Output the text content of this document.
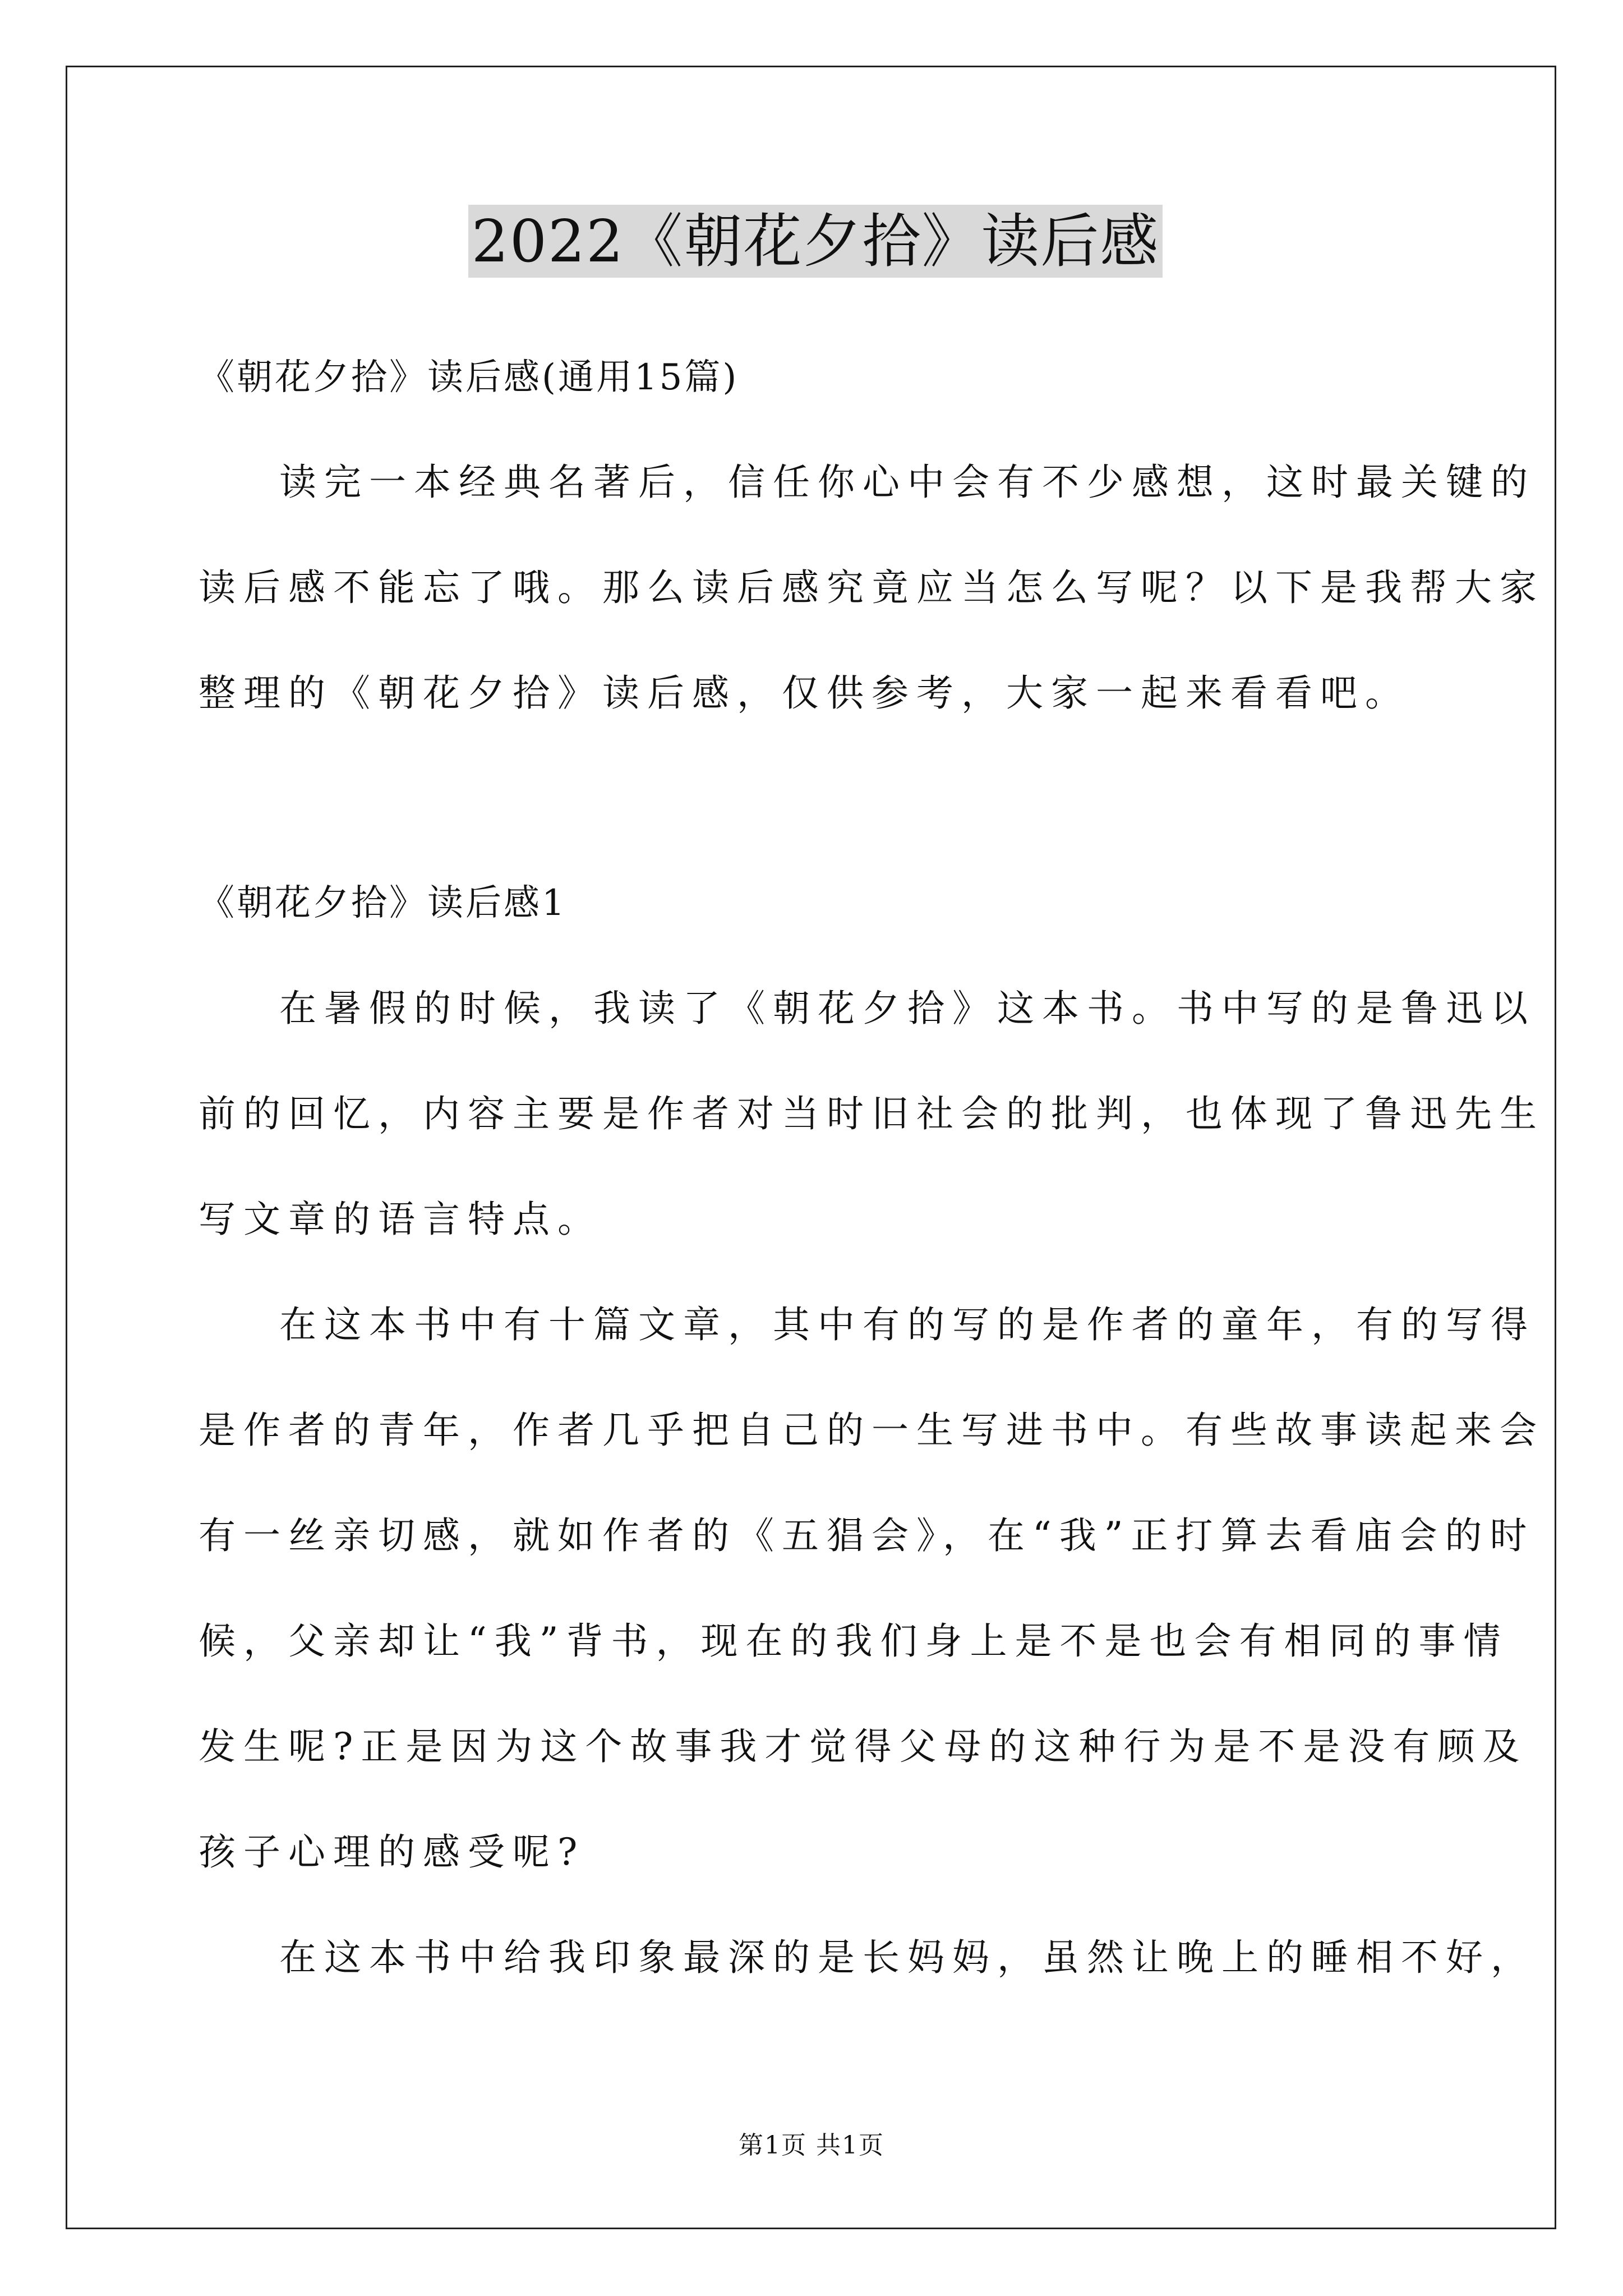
2022《朝花夕拾》读后感
《朝花夕拾》读后感(通用15篇)
读完一本经典名著后，信任你心中会有不少感想，这时最关键的
读后感不能忘了哦。那么读后感究竟应当怎么写呢？以下是我帮大家
整理的《朝花夕拾》读后感，仅供参考，大家一起来看看吧。
《朝花夕拾》读后感1
在暑假的时候，我读了《朝花夕拾》这本书。书中写的是鲁迅以
前的回忆，内容主要是作者对当时旧社会的批判，也体现了鲁迅先生
写文章的语言特点。
在这本书中有十篇文章，其中有的写的是作者的童年，有的写得
是作者的青年，作者几乎把自己的一生写进书中。有些故事读起来会
有一丝亲切感，就如作者的《五猖会》，在“我”正打算去看庙会的时
候，父亲却让“我”背书，现在的我们身上是不是也会有相同的事情
发生呢?正是因为这个故事我才觉得父母的这种行为是不是没有顾及
孩子心理的感受呢?
在这本书中给我印象最深的是长妈妈，虽然让晚上的睡相不好，
第1页 共1页
